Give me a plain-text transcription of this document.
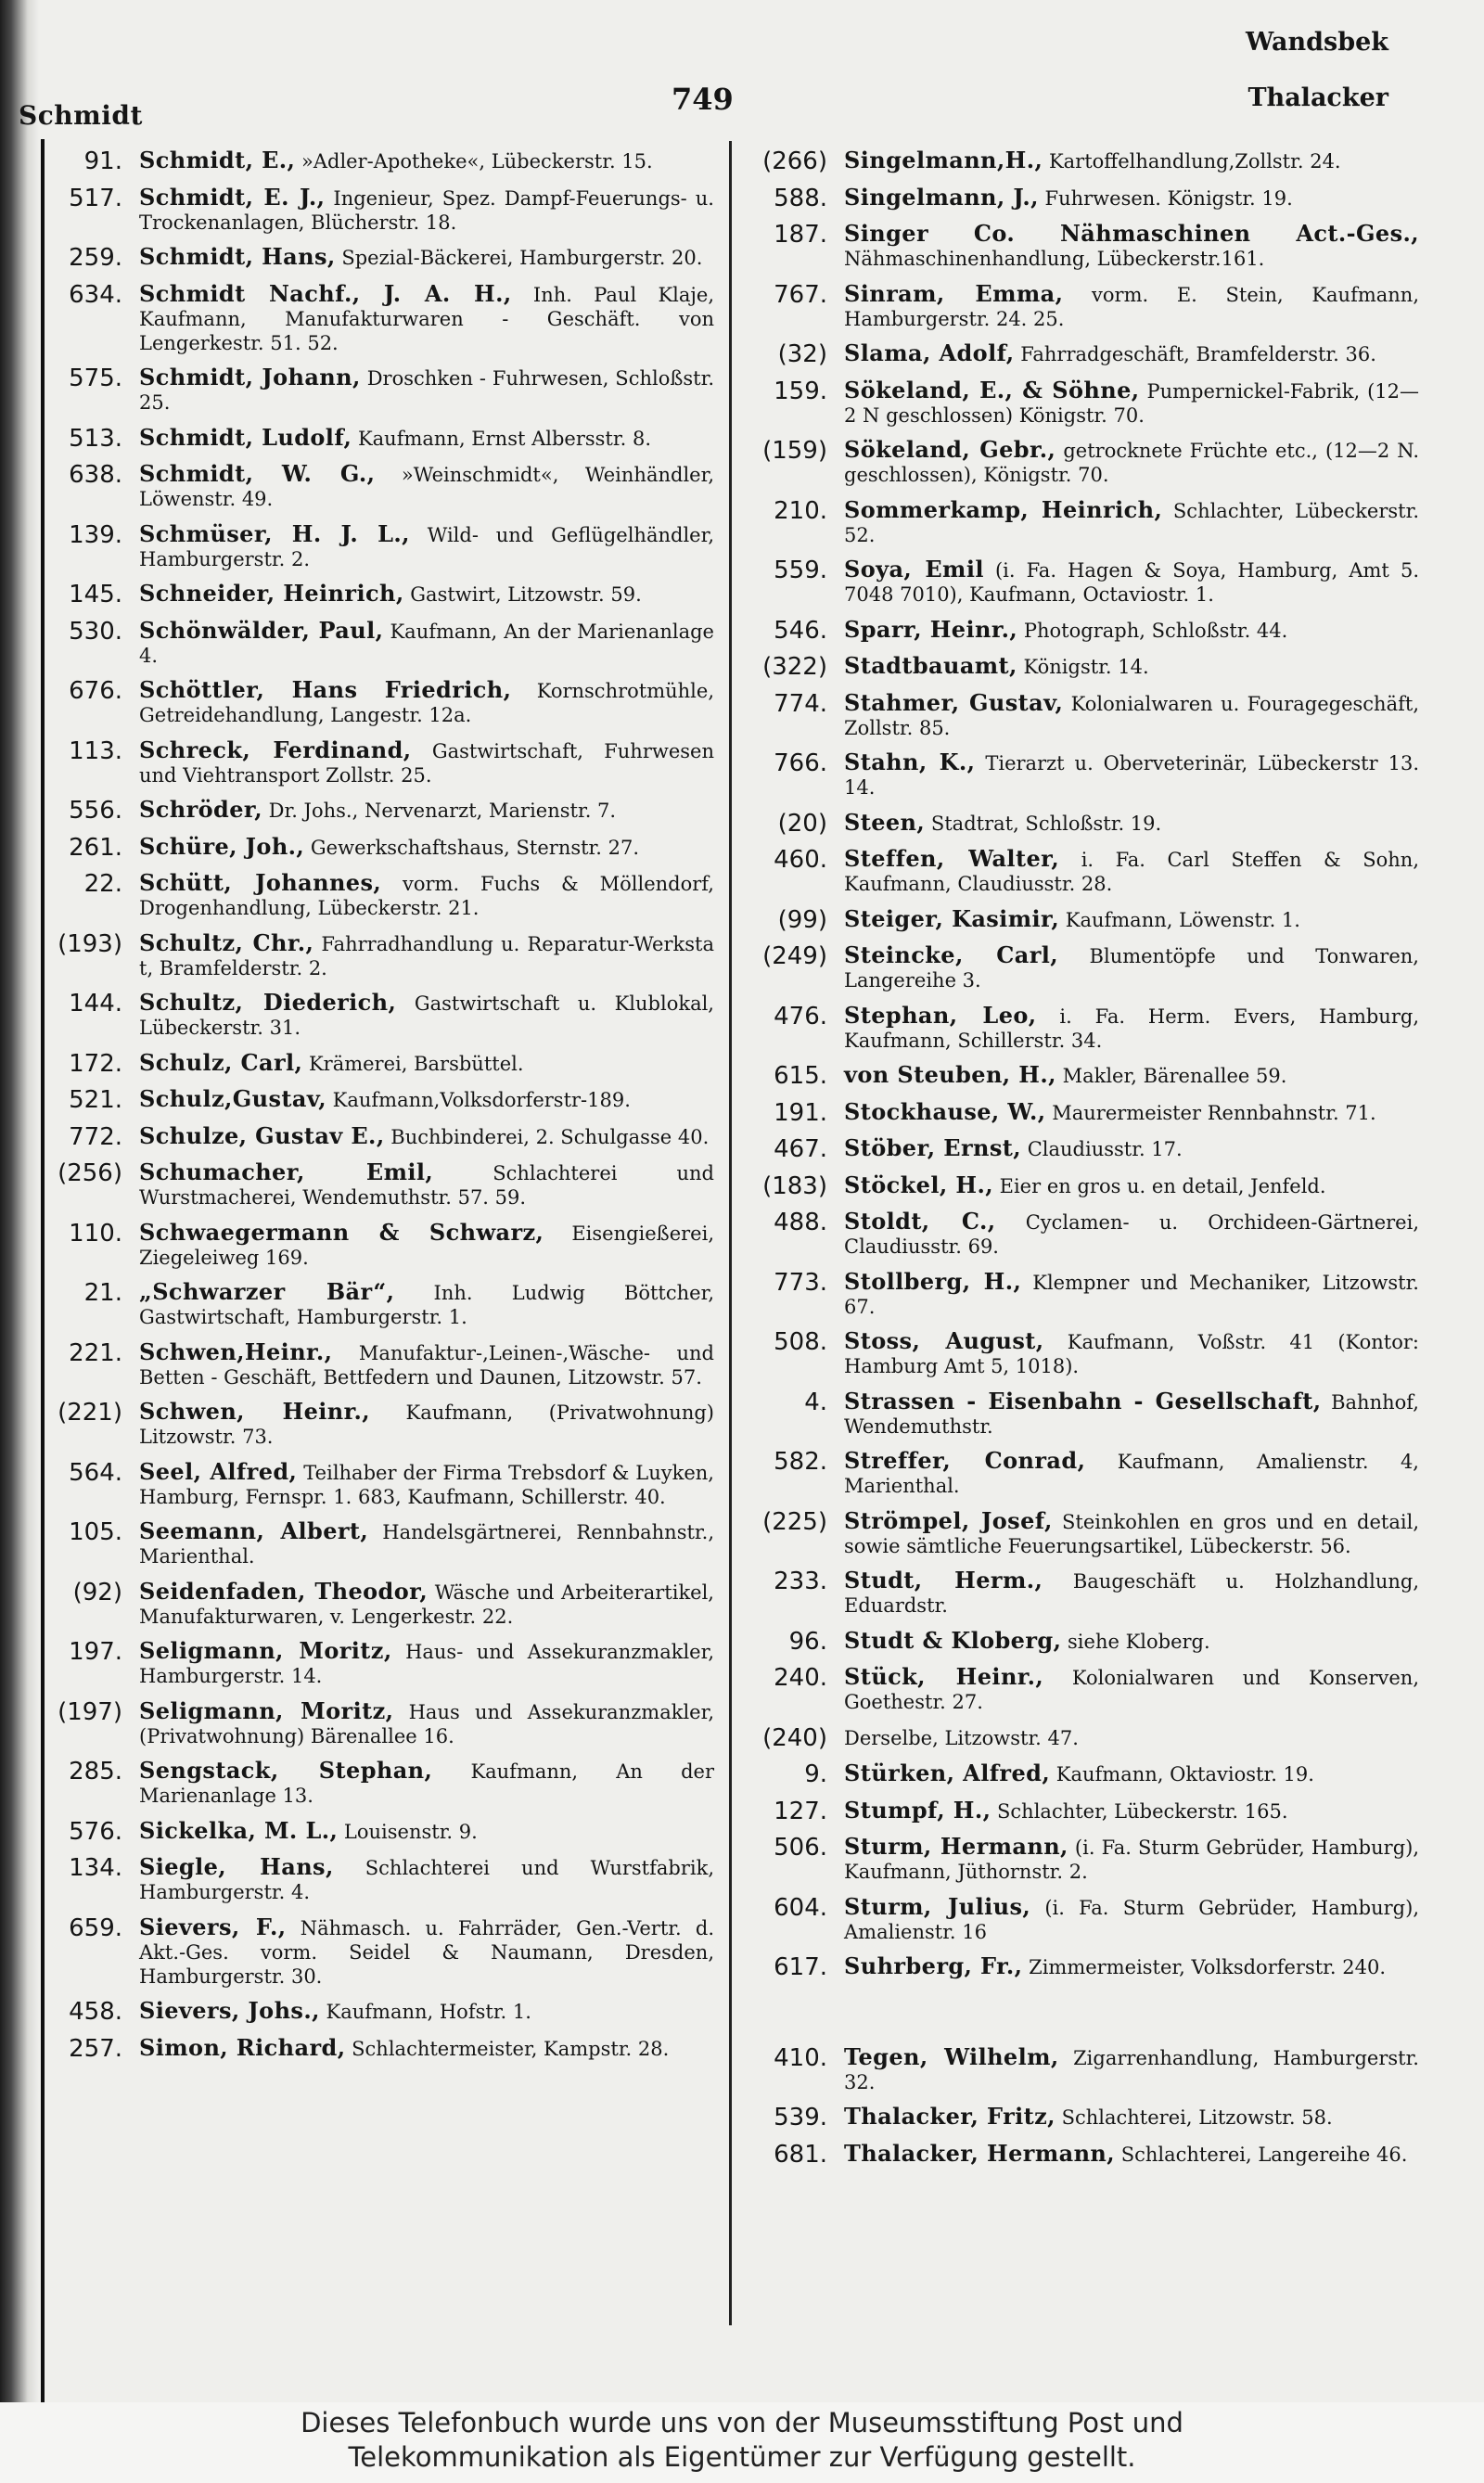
Schmidt	749
Wandsbek
Thalacker
91. Schmidt, E., »Adler-Apotheke«, Lübeckerstr. 15.
517. Schmidt, E. J., Ingenieur, Spez. Dampf-Feuerungs- u. Trockenanlagen, Blücherstr. 18.
259. Schmidt, Hans, Spezial-Bäckerei, Hamburgerstr. 20.
634. Schmidt Nachf., J. A. H., Inh. Paul Klaje, Kaufmann, Manufakturwaren - Geschäft. von Lengerkestr. 51. 52.
575. Schmidt, Johann, Droschken - Fuhrwesen, Schloßstr. 25.
513. Schmidt, Ludolf, Kaufmann, Ernst Albersstr. 8.
638. Schmidt, W. G., »Weinschmidt«, Weinhändler, Löwenstr. 49.
139. Schmüser, H. J. L., Wild- und Geflügelhändler, Hamburgerstr. 2.
145. Schneider, Heinrich, Gastwirt, Litzowstr. 59.
530. Schönwälder, Paul, Kaufmann, An der Marienanlage 4.
676. Schöttler, Hans Friedrich, Kornschrotmühle, Getreidehandlung, Langestr. 12a.
113. Schreck, Ferdinand, Gastwirtschaft, Fuhrwesen und Viehtransport Zollstr. 25.
556. Schröder, Dr. Johs., Nervenarzt, Marienstr. 7.
261. Schüre, Joh., Gewerkschaftshaus, Sternstr. 27.
22. Schütt, Johannes, vorm. Fuchs & Möllendorf, Drogenhandlung, Lübeckerstr. 21.
(193) Schultz, Chr., Fahrradhandlung u. Reparatur-Werksta t, Bramfelderstr. 2.
144. Schultz, Diederich, Gastwirtschaft u. Klublokal, Lübeckerstr. 31.
172. Schulz, Carl, Krämerei, Barsbüttel.
521. Schulz,Gustav, Kaufmann,Volksdorferstr-189.
772. Schulze, Gustav E., Buchbinderei, 2. Schulgasse 40.
(256) Schumacher, Emil,	Schlachterei und Wurstmacherei, Wendemuthstr. 57. 59.
110. Schwaegermann & Schwarz, Eisengießerei, Ziegeleiweg 169.
21. „Schwarzer Bär“, Inh. Ludwig Böttcher, Gastwirtschaft, Hamburgerstr. 1.
221. Schwen,Heinr., Manufaktur-,Leinen-,Wäsche- und Betten - Geschäft, Bettfedern und Daunen, Litzowstr. 57.
(221) Schwen, Heinr., Kaufmann, (Privatwohnung) Litzowstr. 73.
564. Seel, Alfred, Teilhaber der Firma Trebsdorf & Luyken, Hamburg, Fernspr. 1. 683, Kaufmann, Schillerstr. 40.
105. Seemann, Albert, Handelsgärtnerei, Rennbahnstr., Marienthal.
(92) Seidenfaden, Theodor, Wäsche und Arbeiterartikel, Manufakturwaren, v. Lengerkestr. 22.
197. Seligmann, Moritz, Haus- und Assekuranzmakler, Hamburgerstr. 14.
(197) Seligmann, Moritz, Haus und Assekuranzmakler, (Privatwohnung) Bärenallee 16.
285. Sengstack, Stephan, Kaufmann, An der Marienanlage 13.
576. Sickelka, M. L., Louisenstr. 9.
134. Siegle, Hans, Schlachterei und Wurstfabrik, Hamburgerstr. 4.
659. Sievers, F., Nähmasch. u. Fahrräder, Gen.-Vertr. d. Akt.-Ges. vorm. Seidel & Naumann, Dresden, Hamburgerstr. 30.
458. Sievers, Johs., Kaufmann, Hofstr. 1.
257. Simon, Richard, Schlachtermeister, Kampstr. 28.
(266) Singelmann,H., Kartoffelhandlung,Zollstr. 24.
588. Singelmann, J., Fuhrwesen. Königstr. 19.
187. Singer Co. Nähmaschinen Act.-Ges., Nähmaschinenhandlung, Lübeckerstr.161.
767. Sinram, Emma, vorm. E. Stein, Kaufmann, Hamburgerstr. 24. 25.
(32) Slama, Adolf, Fahrradgeschäft, Bramfelderstr. 36.
159. Sökeland, E., & Söhne, Pumpernickel-Fabrik, (12—2 N geschlossen) Königstr. 70.
(159) Sökeland, Gebr., getrocknete Früchte etc., (12—2 N. geschlossen), Königstr. 70.
210. Sommerkamp, Heinrich, Schlachter, Lübeckerstr. 52.
559. Soya, Emil (i. Fa. Hagen & Soya, Hamburg, Amt 5. 7048 7010), Kaufmann, Octaviostr. 1.
546. Sparr, Heinr., Photograph, Schloßstr. 44.
(322) Stadtbauamt, Königstr. 14.
774. Stahmer, Gustav, Kolonialwaren u. Fouragegeschäft, Zollstr. 85.
766. Stahn, K., Tierarzt u. Oberveterinär, Lübeckerstr 13. 14.
(20) Steen, Stadtrat, Schloßstr. 19.
460. Steffen, Walter, i. Fa. Carl Steffen & Sohn, Kaufmann, Claudiusstr. 28.
(99) Steiger, Kasimir, Kaufmann, Löwenstr. 1.
(249) Steincke, Carl, Blumentöpfe und Tonwaren, Langereihe 3.
476. Stephan, Leo, i. Fa. Herm. Evers, Hamburg, Kaufmann, Schillerstr. 34.
615. von Steuben, H., Makler, Bärenallee 59.
191. Stockhausе, W., Maurermeister Rennbahnstr. 71.
467. Stöber, Ernst, Claudiusstr. 17.
(183) Stöckel, H., Eier en gros u. en detail, Jenfeld.
488. Stoldt, C., Cyclamen- u. Orchideen-Gärtnerei, Claudiusstr. 69.
773. Stollberg, H., Klempner und Mechaniker, Litzowstr. 67.
508. Stoss, August, Kaufmann, Voßstr. 41 (Kontor: Hamburg Amt 5, 1018).
4. Strassen - Eisenbahn - Gesellschaft, Bahnhof, Wendemuthstr.
582. Streffer, Conrad, Kaufmann, Amalienstr. 4, Marienthal.
(225) Strömpel, Josef, Steinkohlen en gros und en detail, sowie sämtliche Feuerungsartikel, Lübeckerstr. 56.
233. Studt, Herm., Baugeschäft u. Holzhandlung, Eduardstr.
96. Studt & Kloberg, siehe Kloberg.
240. Stück, Heinr., Kolonialwaren und Konserven, Goethestr. 27.
(240) Derselbe, Litzowstr. 47.
9. Stürken, Alfred, Kaufmann, Oktaviostr. 19.
127. Stumpf, H., Schlachter, Lübeckerstr. 165.
506. Sturm, Hermann, (i. Fa. Sturm Gebrüder, Hamburg), Kaufmann, Jüthornstr. 2.
604. Sturm, Julius, (i. Fa. Sturm Gebrüder, Hamburg), Amalienstr. 16
617. Suhrberg, Fr., Zimmermeister, Volksdorferstr. 240.
410. Tegen, Wilhelm, Zigarrenhandlung, Hamburgerstr. 32.
539. Thalacker, Fritz, Schlachterei, Litzowstr. 58.
681. Thalacker, Hermann, Schlachterei, Langereihe 46.
Dieses Telefonbuch wurde uns von der Museumsstiftung Post und
Telekommunikation als Eigentümer zur Verfügung gestellt.
